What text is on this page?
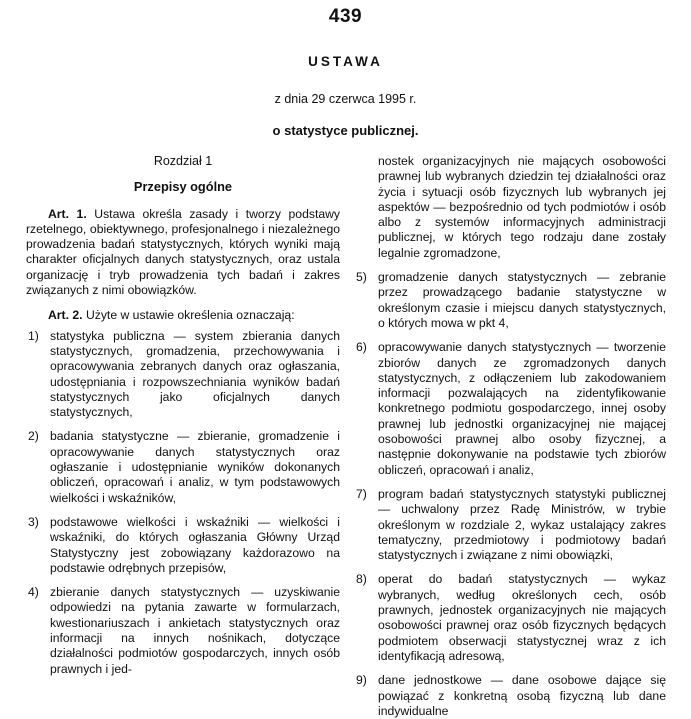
439
USTAWA
z dnia 29 czerwca 1995 r.
o statystyce publicznej.
Rozdział 1
Przepisy ogólne

Art. 1. Ustawa określa zasady i tworzy podstawy rzetelnego, obiektywnego, profesjonalnego i niezależnego prowadzenia badań statystycznych, których wyniki mają charakter oficjalnych danych statystycznych, oraz ustala organizację i tryb prowadzenia tych badań i zakres związanych z nimi obowiązków.

Art. 2. Użyte w ustawie określenia oznaczają:

1) statystyka publiczna — system zbierania danych statystycznych, gromadzenia, przechowywania i opracowywania zebranych danych oraz ogłaszania, udostępniania i rozpowszechniania wyników badań statystycznych jako oficjalnych danych statystycznych,
2) badania statystyczne — zbieranie, gromadzenie i opracowywanie danych statystycznych oraz ogłaszanie i udostępnianie wyników dokonanych obliczeń, opracowań i analiz, w tym podstawowych wielkości i wskaźników,
3) podstawowe wielkości i wskaźniki — wielkości i wskaźniki, do których ogłaszania Główny Urząd Statystyczny jest zobowiązany każdorazowo na podstawie odrębnych przepisów,
4) zbieranie danych statystycznych — uzyskiwanie odpowiedzi na pytania zawarte w formularzach, kwestionariuszach i ankietach statystycznych oraz informacji na innych nośnikach, dotyczące działalności podmiotów gospodarczych, innych osób prawnych i jed-
nostek organizacyjnych nie mających osobowości prawnej lub wybranych dziedzin tej działalności oraz życia i sytuacji osób fizycznych lub wybranych jej aspektów — bezpośrednio od tych podmiotów i osób albo z systemów informacyjnych administracji publicznej, w których tego rodzaju dane zostały legalnie zgromadzone,
5) gromadzenie danych statystycznych — zebranie przez prowadzącego badanie statystyczne w określonym czasie i miejscu danych statystycznych, o których mowa w pkt 4,
6) opracowywanie danych statystycznych — tworzenie zbiorów danych ze zgromadzonych danych statystycznych, z odłączeniem lub zakodowaniem informacji pozwalających na zidentyfikowanie konkretnego podmiotu gospodarczego, innej osoby prawnej lub jednostki organizacyjnej nie mającej osobowości prawnej albo osoby fizycznej, a następnie dokonywanie na podstawie tych zbiorów obliczeń, opracowań i analiz,
7) program badań statystycznych statystyki publicznej — uchwalony przez Radę Ministrów, w trybie określonym w rozdziale 2, wykaz ustalający zakres tematyczny, przedmiotowy i podmiotowy badań statystycznych i związane z nimi obowiązki,
8) operat do badań statystycznych — wykaz wybranych, według określonych cech, osób prawnych, jednostek organizacyjnych nie mających osobowości prawnej oraz osób fizycznych będących podmiotem obserwacji statystycznej wraz z ich identyfikacją adresową,
9) dane jednostkowe — dane osobowe dające się powiązać z konkretną osobą fizyczną lub dane indywidualne
